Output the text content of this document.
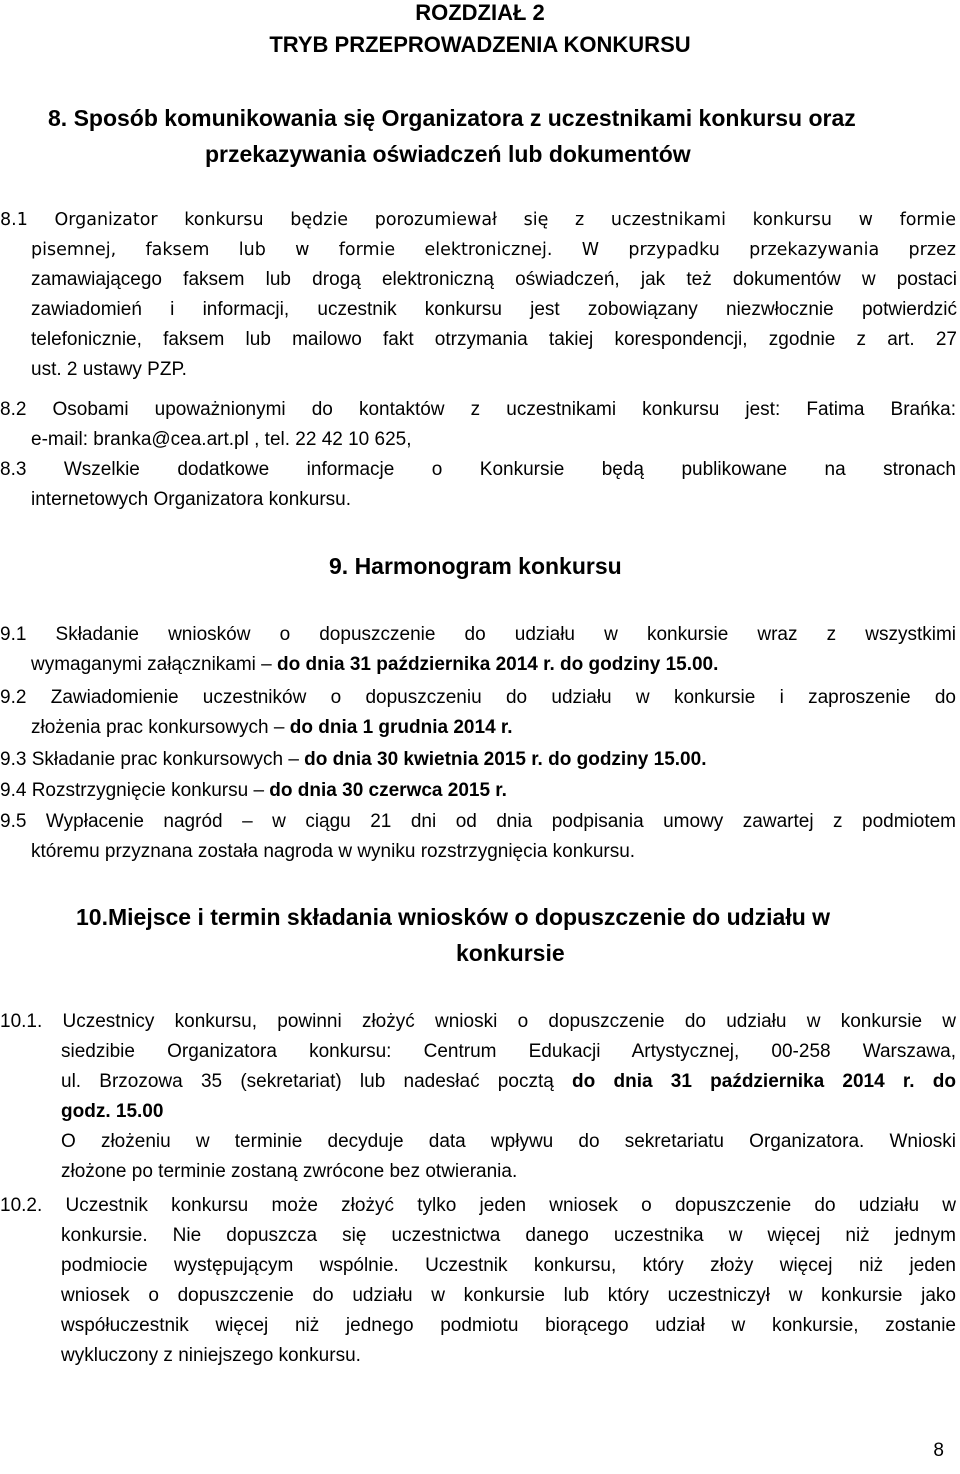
ROZDZIAŁ 2
TRYB PRZEPROWADZENIA KONKURSU
8. Sposób komunikowania się Organizatora z uczestnikami konkursu oraz
przekazywania oświadczeń lub dokumentów
8.1 Organizator konkursu będzie porozumiewał się z uczestnikami konkursu w formie
pisemnej, faksem lub w formie elektronicznej. W przypadku przekazywania przez
zamawiającego faksem lub drogą elektroniczną oświadczeń, jak też dokumentów w postaci
zawiadomień i informacji, uczestnik konkursu jest zobowiązany niezwłocznie potwierdzić
telefonicznie, faksem lub mailowo fakt otrzymania takiej korespondencji, zgodnie z art. 27
ust. 2 ustawy PZP.
8.2 Osobami upoważnionymi do kontaktów z uczestnikami konkursu jest: Fatima Brańka:
e-mail: branka@cea.art.pl , tel. 22 42 10 625,
8.3 Wszelkie dodatkowe informacje o Konkursie będą publikowane na stronach
internetowych Organizatora konkursu.
9. Harmonogram konkursu
9.1 Składanie wniosków o dopuszczenie do udziału w konkursie wraz z wszystkimi
wymaganymi załącznikami – do dnia 31 października 2014 r. do godziny 15.00.
9.2 Zawiadomienie uczestników o dopuszczeniu do udziału w konkursie i zaproszenie do
złożenia prac konkursowych – do dnia 1 grudnia 2014 r.
9.3 Składanie prac konkursowych – do dnia 30 kwietnia 2015 r. do godziny 15.00.
9.4 Rozstrzygnięcie konkursu – do dnia 30 czerwca 2015 r.
9.5 Wypłacenie nagród – w ciągu 21 dni od dnia podpisania umowy zawartej z podmiotem
któremu przyznana została nagroda w wyniku rozstrzygnięcia konkursu.
10.Miejsce i termin składania wniosków o dopuszczenie do udziału w
konkursie
10.1. Uczestnicy konkursu, powinni złożyć wnioski o dopuszczenie do udziału w konkursie w
siedzibie Organizatora konkursu: Centrum Edukacji Artystycznej, 00-258 Warszawa,
ul. Brzozowa 35 (sekretariat) lub nadesłać pocztą do dnia 31 października 2014 r. do
godz. 15.00
O złożeniu w terminie decyduje data wpływu do sekretariatu Organizatora. Wnioski
złożone po terminie zostaną zwrócone bez otwierania.
10.2. Uczestnik konkursu może złożyć tylko jeden wniosek o dopuszczenie do udziału w
konkursie. Nie dopuszcza się uczestnictwa danego uczestnika w więcej niż jednym
podmiocie występującym wspólnie. Uczestnik konkursu, który złoży więcej niż jeden
wniosek o dopuszczenie do udziału w konkursie lub który uczestniczył w konkursie jako
współuczestnik więcej niż jednego podmiotu biorącego udział w konkursie, zostanie
wykluczony z niniejszego konkursu.
8
